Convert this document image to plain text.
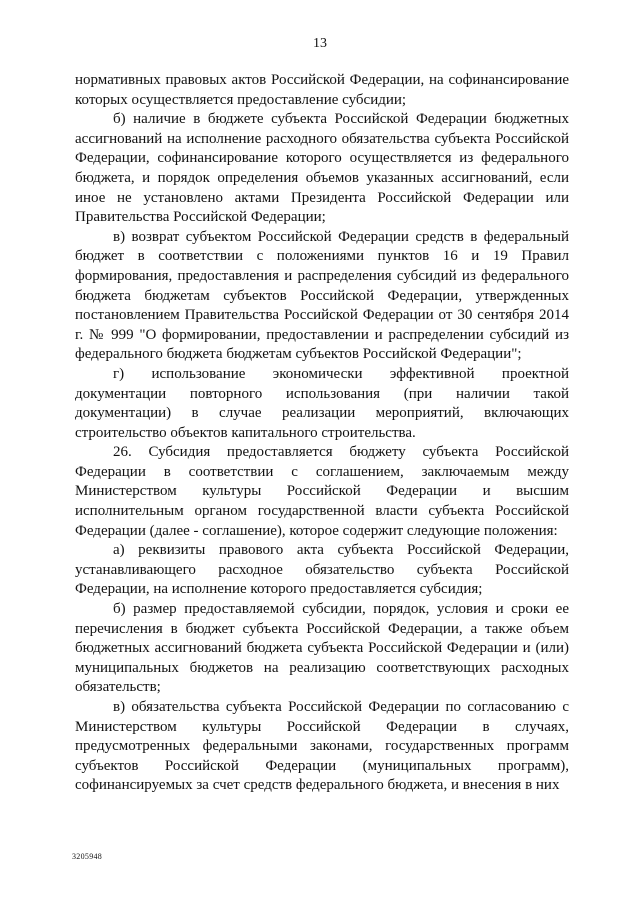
13

нормативных правовых актов Российской Федерации, на софинансирование которых осуществляется предоставление субсидии;

б) наличие в бюджете субъекта Российской Федерации бюджетных ассигнований на исполнение расходного обязательства субъекта Российской Федерации, софинансирование которого осуществляется из федерального бюджета, и порядок определения объемов указанных ассигнований, если иное не установлено актами Президента Российской Федерации или Правительства Российской Федерации;

в) возврат субъектом Российской Федерации средств в федеральный бюджет в соответствии с положениями пунктов 16 и 19 Правил формирования, предоставления и распределения субсидий из федерального бюджета бюджетам субъектов Российской Федерации, утвержденных постановлением Правительства Российской Федерации от 30 сентября 2014 г. № 999 "О формировании, предоставлении и распределении субсидий из федерального бюджета бюджетам субъектов Российской Федерации";

г) использование экономически эффективной проектной документации повторного использования (при наличии такой документации) в случае реализации мероприятий, включающих строительство объектов капитального строительства.

26. Субсидия предоставляется бюджету субъекта Российской Федерации в соответствии с соглашением, заключаемым между Министерством культуры Российской Федерации и высшим исполнительным органом государственной власти субъекта Российской Федерации (далее - соглашение), которое содержит следующие положения:

а) реквизиты правового акта субъекта Российской Федерации, устанавливающего расходное обязательство субъекта Российской Федерации, на исполнение которого предоставляется субсидия;

б) размер предоставляемой субсидии, порядок, условия и сроки ее перечисления в бюджет субъекта Российской Федерации, а также объем бюджетных ассигнований бюджета субъекта Российской Федерации и (или) муниципальных бюджетов на реализацию соответствующих расходных обязательств;

в) обязательства субъекта Российской Федерации по согласованию с Министерством культуры Российской Федерации в случаях, предусмотренных федеральными законами, государственных программ субъектов Российской Федерации (муниципальных программ), софинансируемых за счет средств федерального бюджета, и внесения в них

3205948
